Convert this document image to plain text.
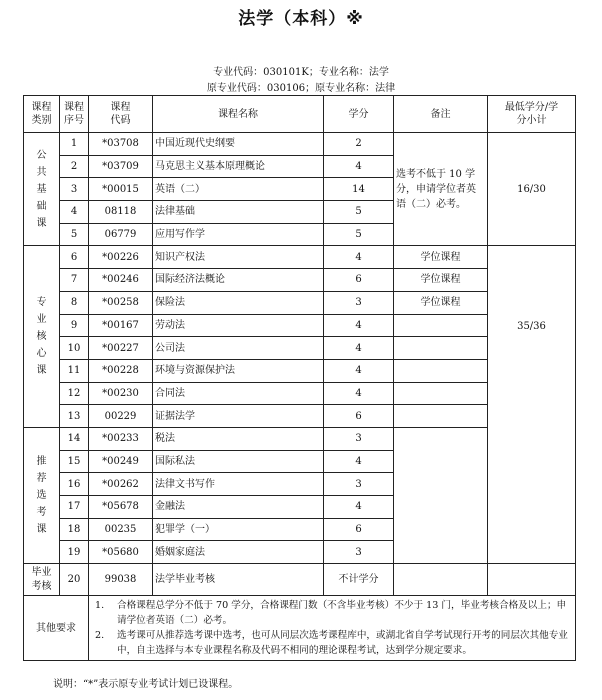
法学（本科）※
专业代码：030101K；专业名称：法学
原专业代码：030106；原专业名称：法律
课程类别	课程序号	课程代码	课程名称	学分	备注	最低学分/学分小计
公共基础课	1	*03708	中国近现代史纲要	2	选考不低于 10 学分，申请学位者英语（二）必考。	16/30
	2	*03709	马克思主义基本原理概论	4		
	3	*00015	英语（二）	14		
	4	08118	法律基础	5		
	5	06779	应用写作学	5		
专业核心课	6	*00226	知识产权法	4	学位课程	35/36
	7	*00246	国际经济法概论	6	学位课程	
	8	*00258	保险法	3	学位课程	
	9	*00167	劳动法	4		
	10	*00227	公司法	4		
	11	*00228	环境与资源保护法	4		
	12	*00230	合同法	4		
	13	00229	证据法学	6		
推荐选考课	14	*00233	税法	3		
	15	*00249	国际私法	4		
	16	*00262	法律文书写作	3		
	17	*05678	金融法	4		
	18	00235	犯罪学（一）	6		
	19	*05680	婚姻家庭法	3		
毕业考核	20	99038	法学毕业考核	不计学分		
其他要求		1. 合格课程总学分不低于 70 学分，合格课程门数（不含毕业考核）不少于 13 门，毕业考核合格及以上；申请学位者英语（二）必考。
2. 选考课可从推荐选考课中选考，也可从同层次选考课程库中，或湖北省自学考试现行开考的同层次其他专业中，自主选择与本专业课程名称及代码不相同的理论课程考试，达到学分规定要求。				
说明：“*”表示原专业考试计划已设课程。
